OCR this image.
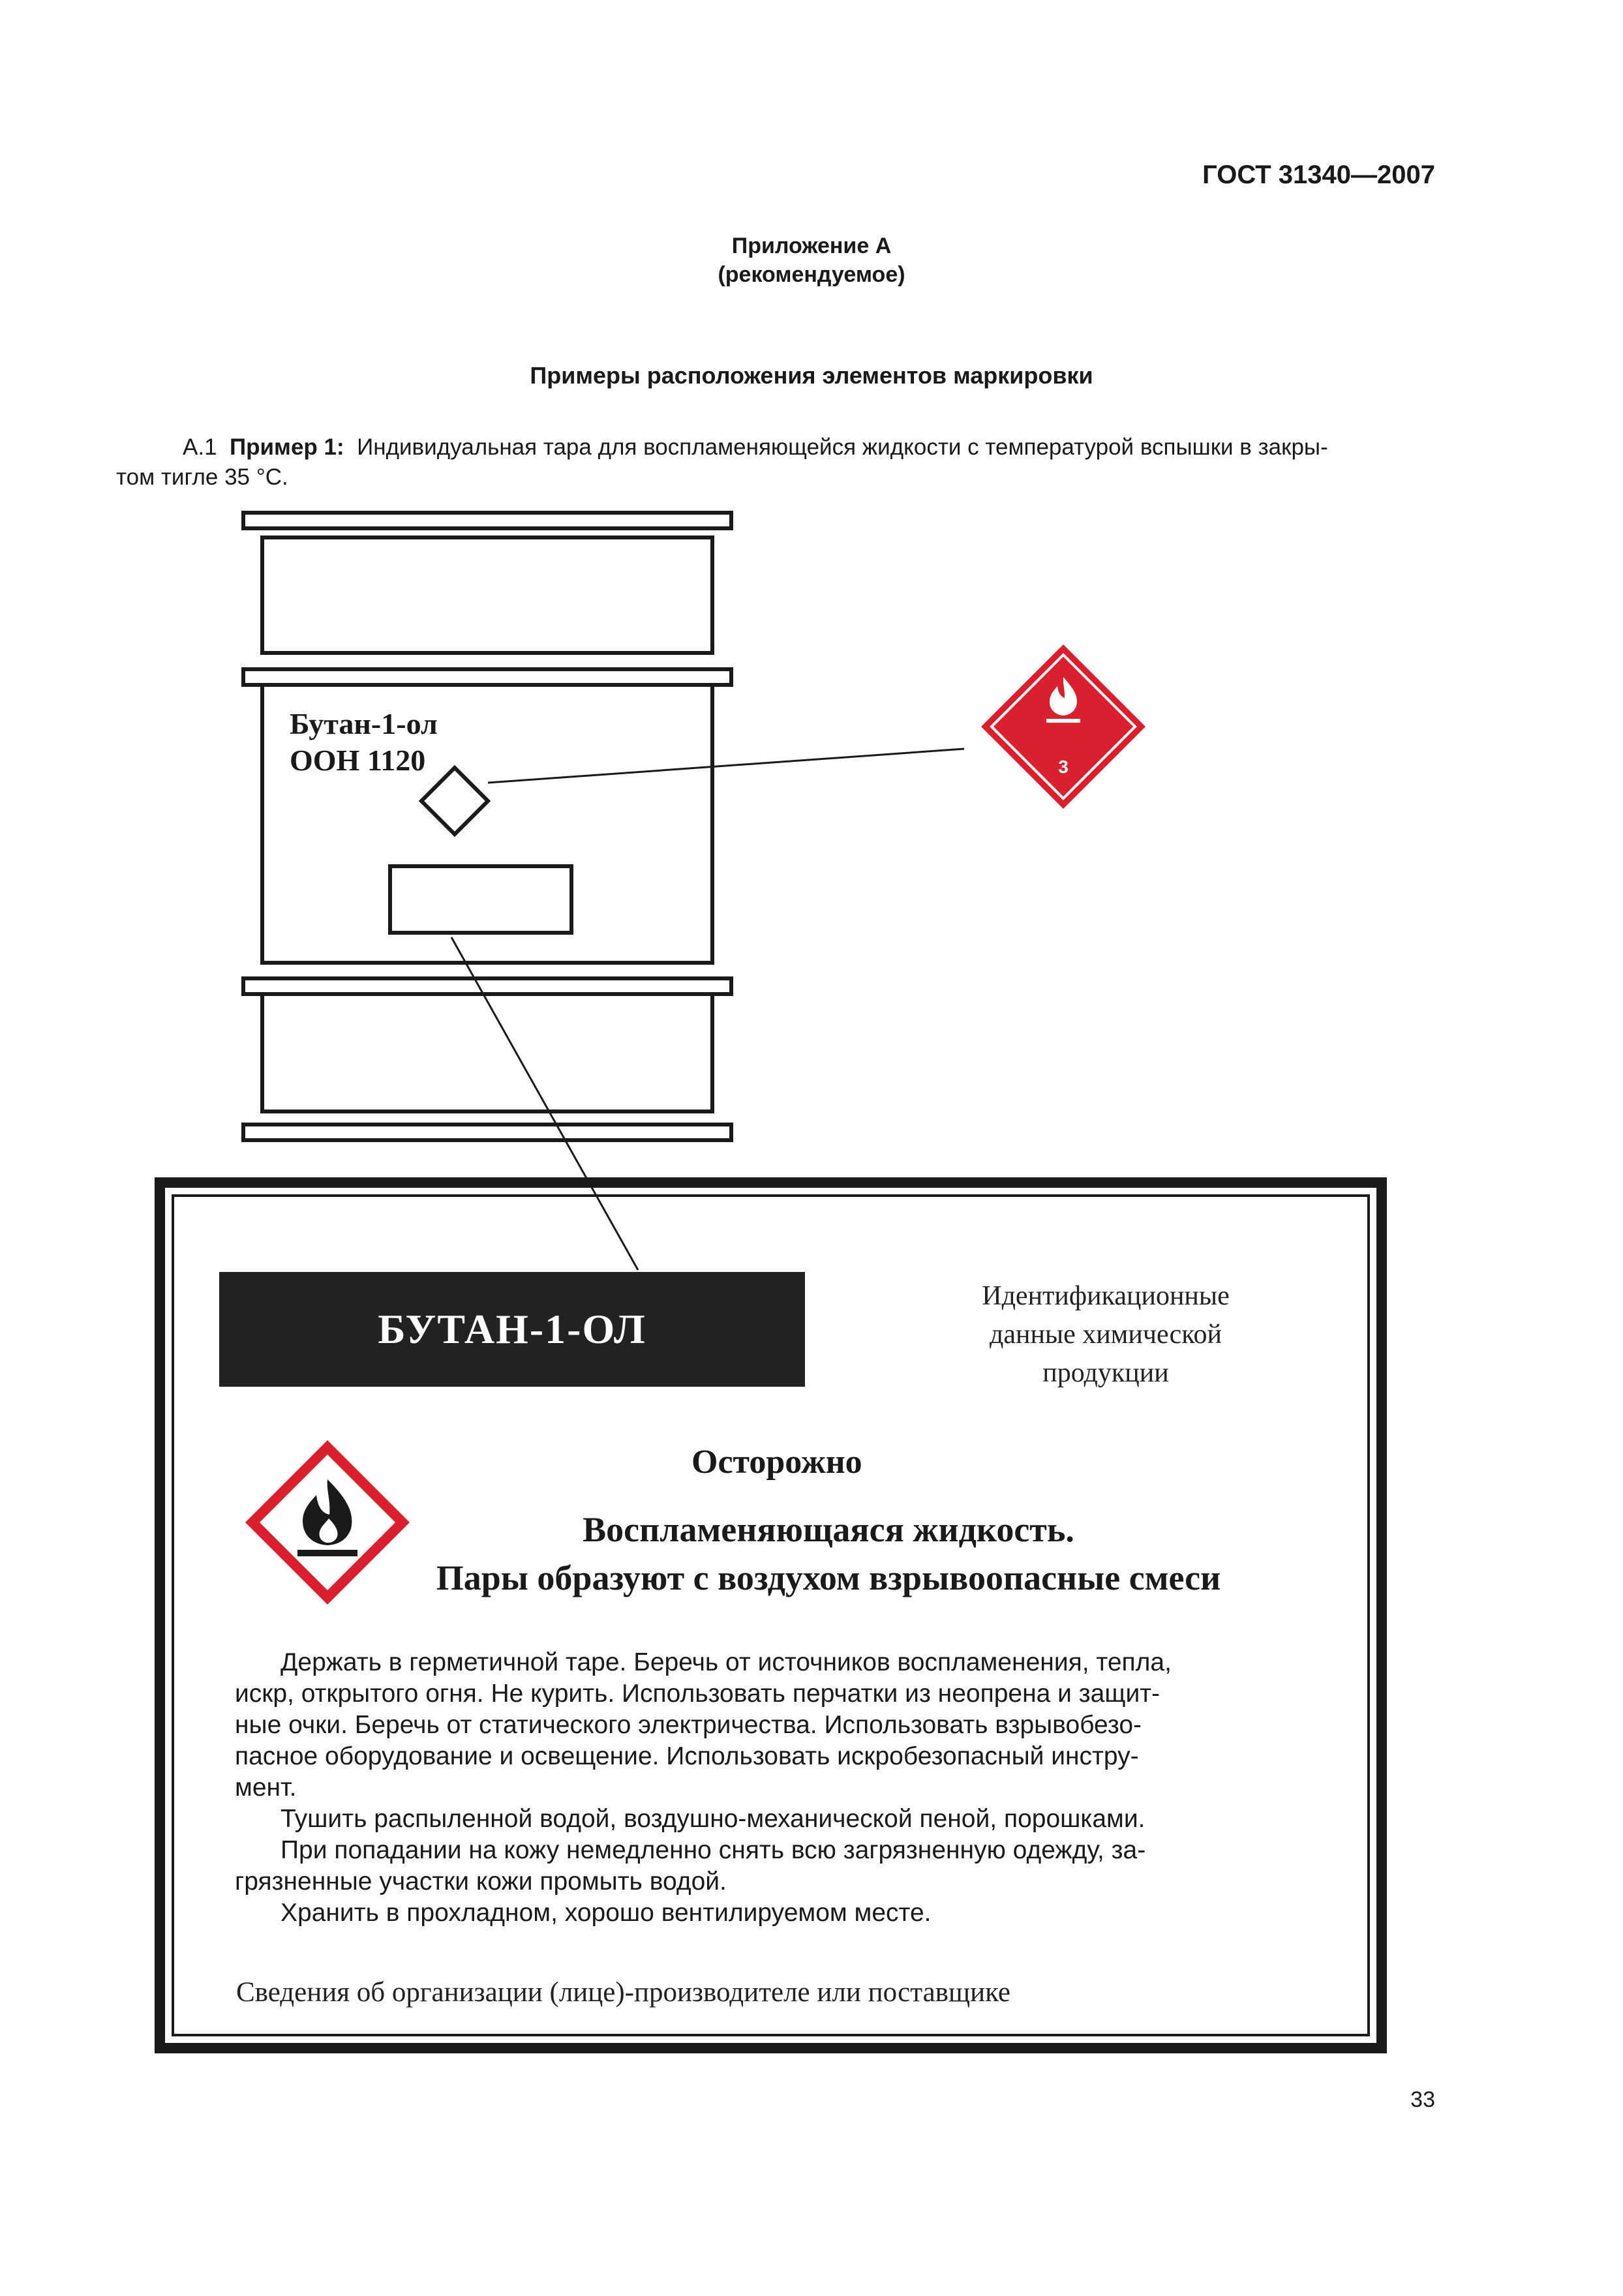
ГОСТ 31340—2007
Приложение А
(рекомендуемое)
Примеры расположения элементов маркировки
А.1 Пример 1: Индивидуальная тара для воспламеняющейся жидкости с температурой вспышки в закры-
том тигле 35 °С.
3
Бутан-1-ол
ООН 1120
БУТАН-1-ОЛ
Идентификационные
данные химической
продукции
Осторожно
Воспламеняющаяся жидкость.
Пары образуют с воздухом взрывоопасные смеси
Держать в герметичной таре. Беречь от источников воспламенения, тепла,
искр, открытого огня. Не курить. Использовать перчатки из неопрена и защит-
ные очки. Беречь от статического электричества. Использовать взрывобезо-
пасное оборудование и освещение. Использовать искробезопасный инстру-
мент.
Тушить распыленной водой, воздушно-механической пеной, порошками.
При попадании на кожу немедленно снять всю загрязненную одежду, за-
грязненные участки кожи промыть водой.
Хранить в прохладном, хорошо вентилируемом месте.
Сведения об организации (лице)-производителе или поставщике
33
